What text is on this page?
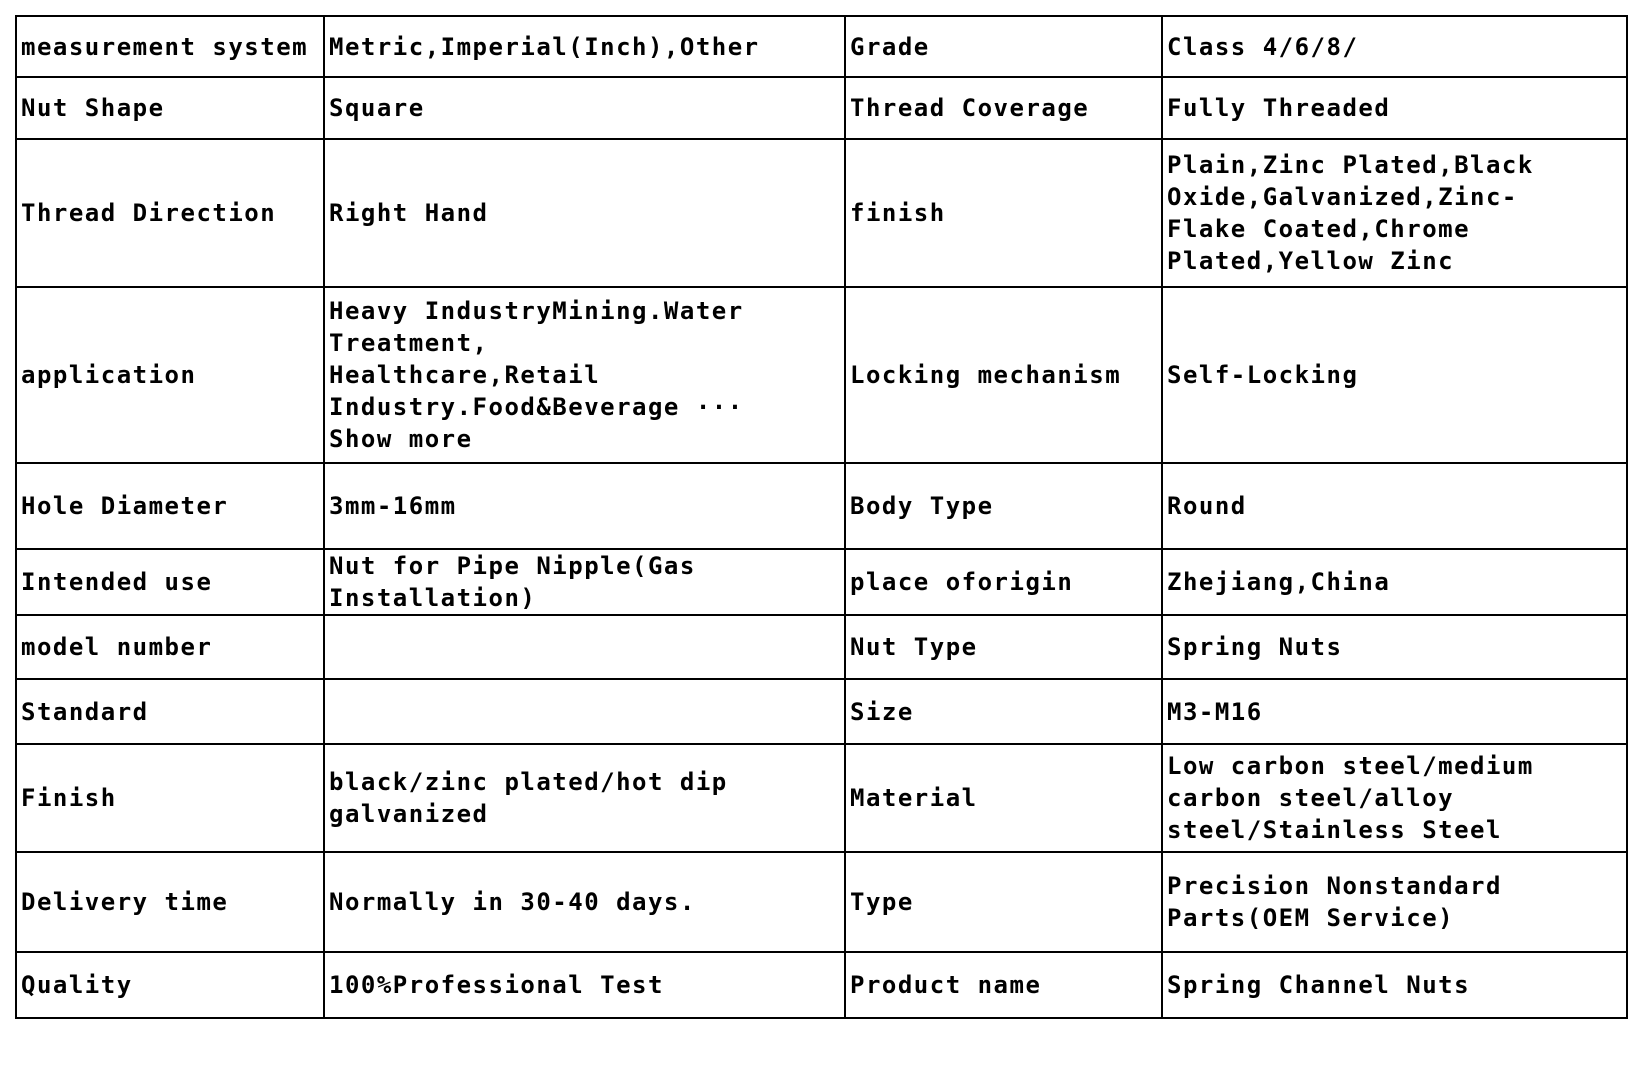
measurement system	Metric,Imperial(Inch),Other	Grade	Class 4/6/8/
Nut Shape	Square	Thread Coverage	Fully Threaded
Thread Direction	Right Hand	finish	Plain,Zinc Plated,Black
Oxide,Galvanized,Zinc-
Flake Coated,Chrome
Plated,Yellow Zinc
application	Heavy IndustryMining.Water
Treatment,
Healthcare,Retail
Industry.Food&Beverage ···
Show more	Locking mechanism	Self-Locking
Hole Diameter	3mm-16mm	Body Type	Round
Intended use	Nut for Pipe Nipple(Gas
Installation)	place oforigin	Zhejiang,China
model number		Nut Type	Spring Nuts
Standard		Size	M3-M16
Finish	black/zinc plated/hot dip
galvanized	Material	Low carbon steel/medium
carbon steel/alloy
steel/Stainless Steel
Delivery time	Normally in 30-40 days.	Type	Precision Nonstandard
Parts(OEM Service)
Quality	100%Professional Test	Product name	Spring Channel Nuts
